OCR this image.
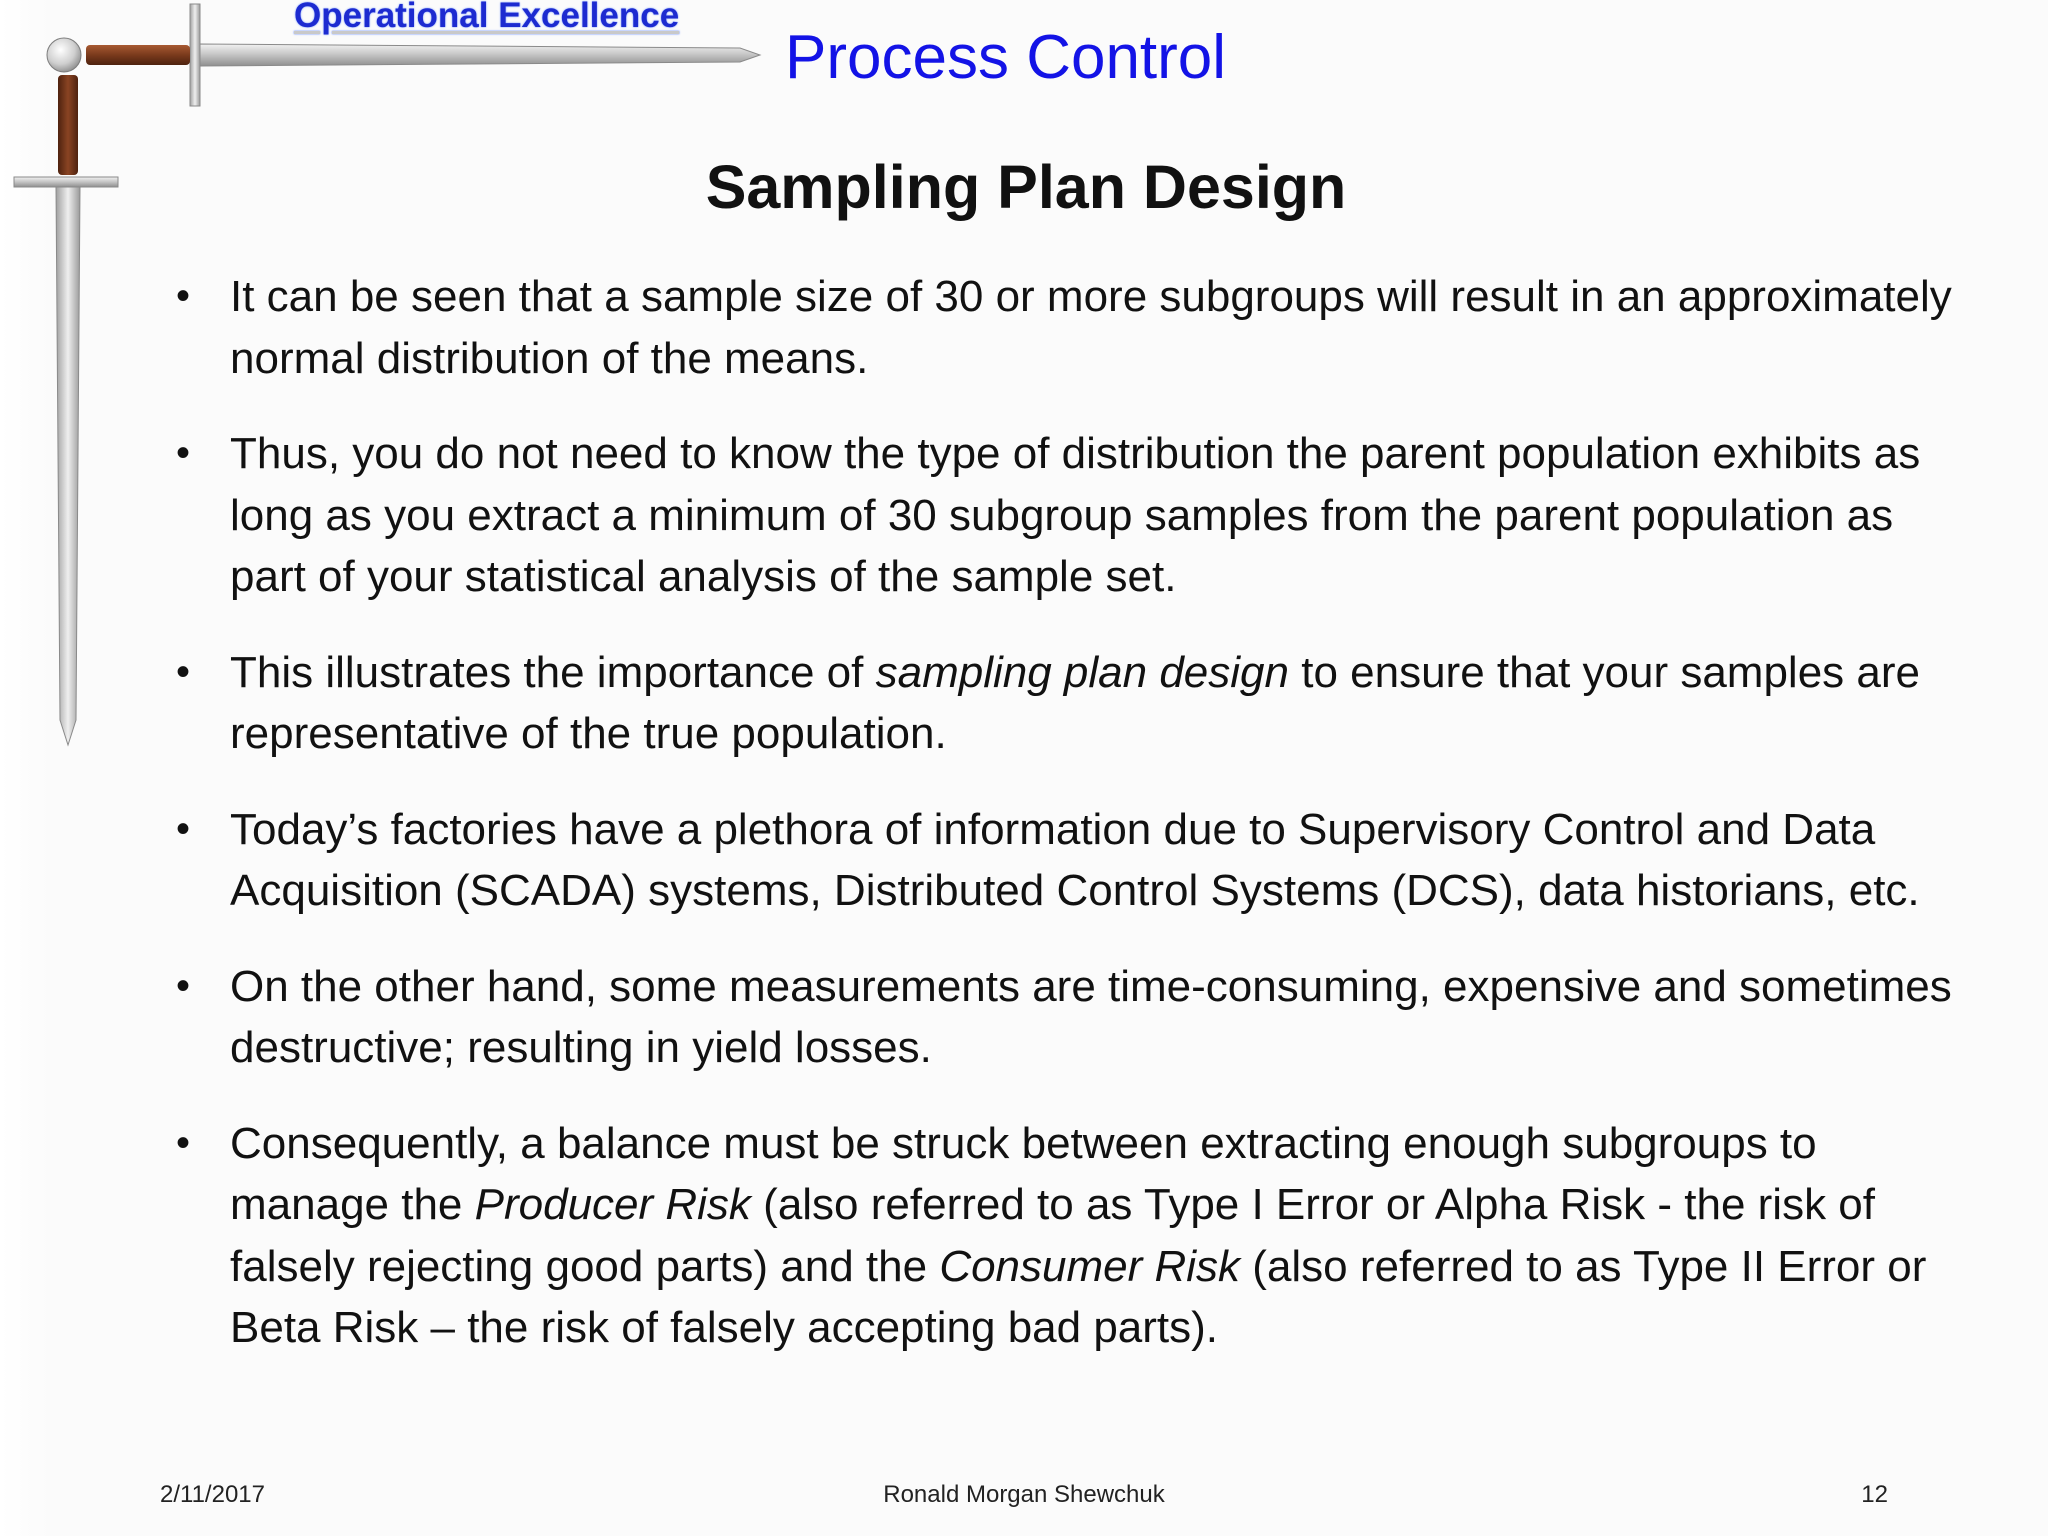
Operational Excellence
Process Control
Sampling Plan Design
• It can be seen that a sample size of 30 or more subgroups will result in an approximately normal distribution of the means.
• Thus, you do not need to know the type of distribution the parent population exhibits as long as you extract a minimum of 30 subgroup samples from the parent population as part of your statistical analysis of the sample set.
• This illustrates the importance of sampling plan design to ensure that your samples are representative of the true population.
• Today’s factories have a plethora of information due to Supervisory Control and Data Acquisition (SCADA) systems, Distributed Control Systems (DCS), data historians, etc.
• On the other hand, some measurements are time-consuming, expensive and sometimes destructive; resulting in yield losses.
• Consequently, a balance must be struck between extracting enough subgroups to manage the Producer Risk (also referred to as Type I Error or Alpha Risk - the risk of falsely rejecting good parts) and the Consumer Risk (also referred to as Type II Error or Beta Risk – the risk of falsely accepting bad parts).
2/11/2017	Ronald Morgan Shewchuk	12
